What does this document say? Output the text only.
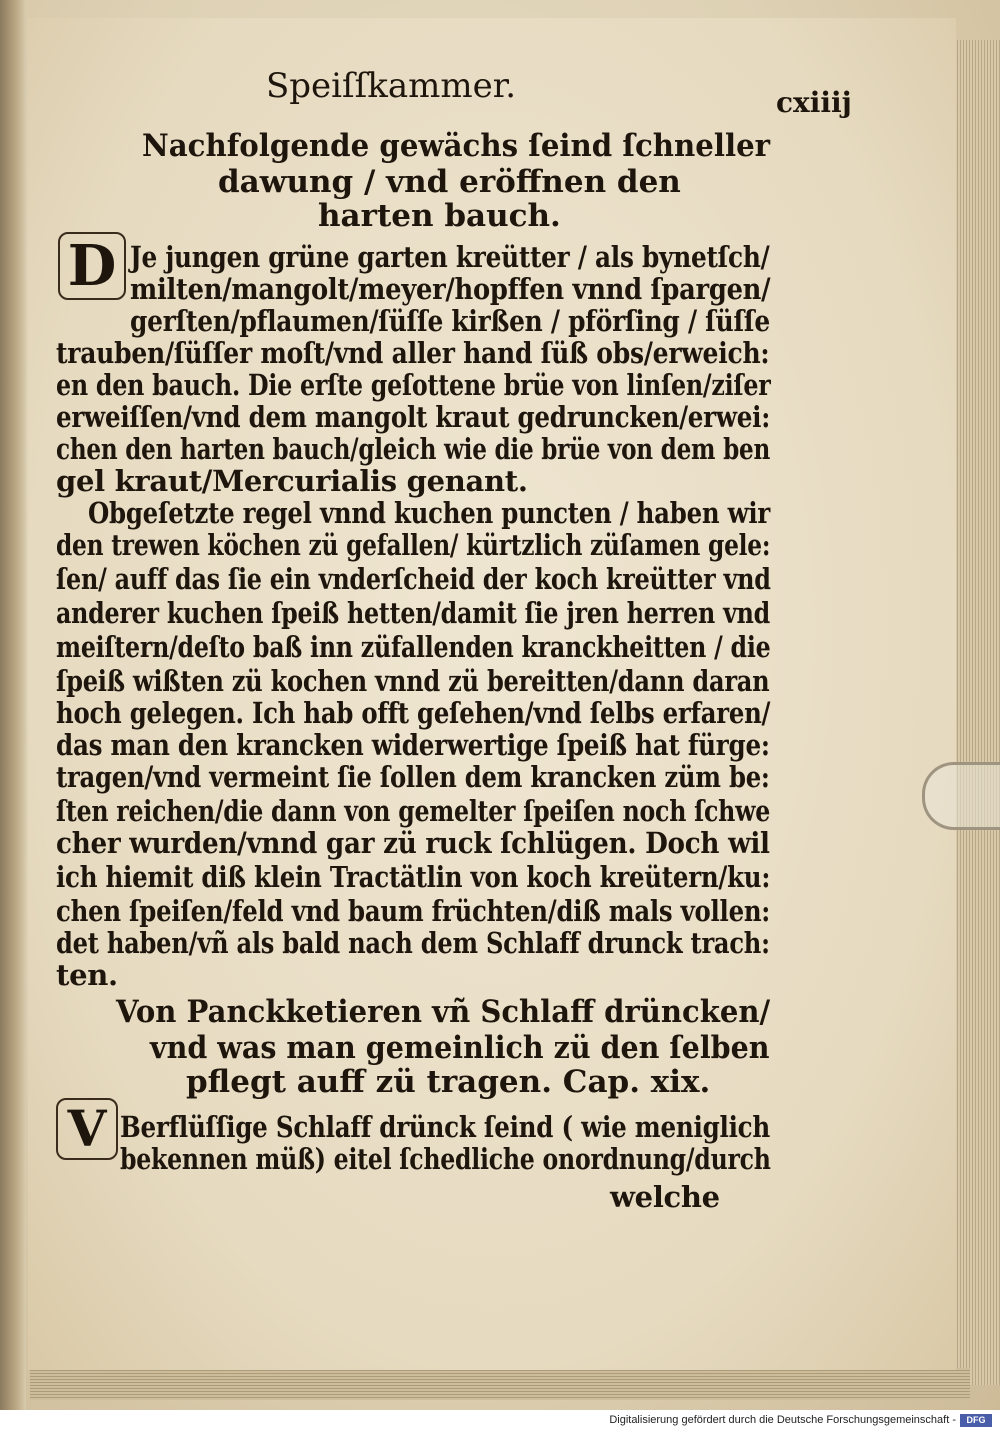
Speiſſkammer.	cxiiij
Nachfolgende gewächs ſeind ſchneller
dawung / vnd eröffnen den
harten bauch.
D Je jungen grüne garten kreütter / als bynetſch/
milten/mangolt/meyer/hopffen vnnd ſpargen/
gerſten/pflaumen/ſüſſe kirßen / pförſing / ſüſſe
trauben/ſüſſer moſt/vnd aller hand ſüß obs/erweich:
en den bauch. Die erſte geſottene brüe von linſen/ziſer
erweiſſen/vnd dem mangolt kraut gedruncken/erwei:
chen den harten bauch/gleich wie die brüe von dem ben
gel kraut/Mercurialis genant.
Obgeſetzte regel vnnd kuchen puncten / haben wir
den trewen köchen zü gefallen/ kürtzlich züſamen gele:
ſen/ auff das ſie ein vnderſcheid der koch kreütter vnd
anderer kuchen ſpeiß hetten/damit ſie jren herren vnd
meiſtern/deſto baß inn züfallenden kranckheitten / die
ſpeiß wißten zü kochen vnnd zü bereitten/dann daran
hoch gelegen. Ich hab offt geſehen/vnd ſelbs erfaren/
das man den krancken widerwertige ſpeiß hat fürge:
tragen/vnd vermeint ſie ſollen dem krancken züm be:
ſten reichen/die dann von gemelter ſpeiſen noch ſchwe
cher wurden/vnnd gar zü ruck ſchlügen. Doch wil
ich hiemit diß klein Tractätlin von koch kreütern/ku:
chen ſpeiſen/feld vnd baum früchten/diß mals vollen:
det haben/vñ als bald nach dem Schlaff drunck trach:
ten.
Von Panckketieren vñ Schlaff drüncken/
vnd was man gemeinlich zü den ſelben
pflegt auff zü tragen. Cap. xix.
V Berflüſſige Schlaff drünck ſeind ( wie meniglich
bekennen müß) eitel ſchedliche onordnung/durch
welche
Digitalisierung gefördert durch die Deutsche Forschungsgemeinschaft -	DFG
